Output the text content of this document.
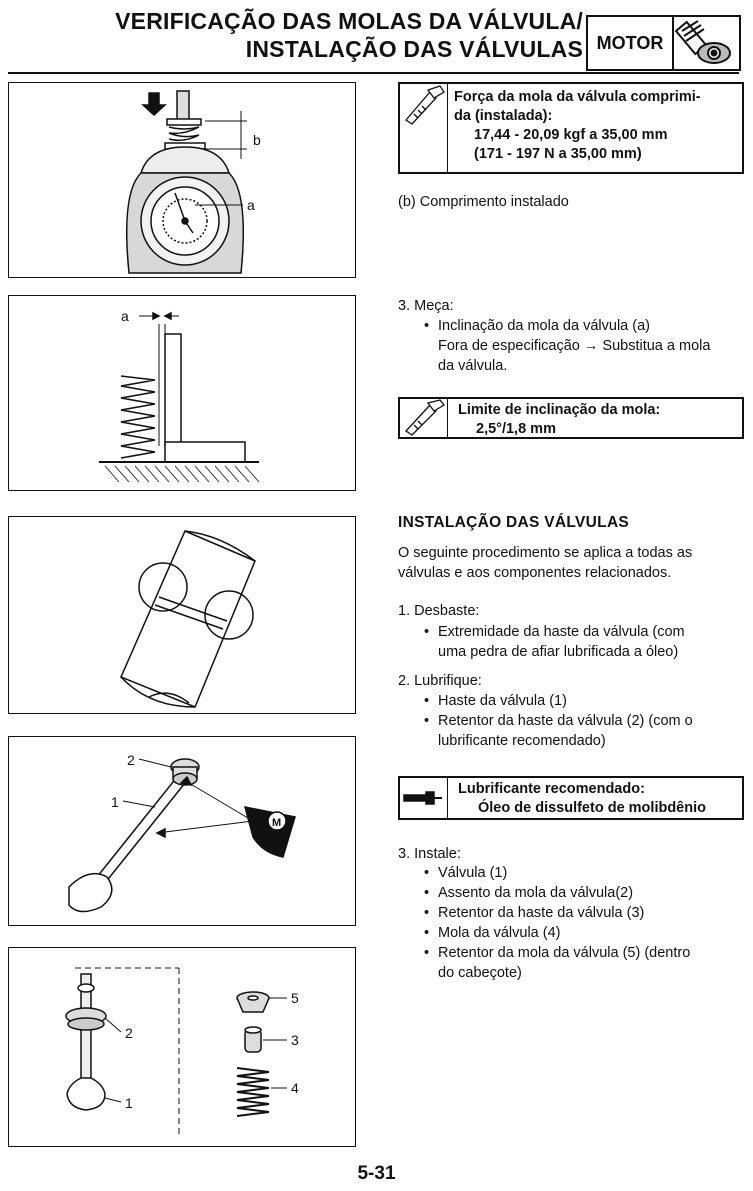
VERIFICAÇÃO DAS MOLAS DA VÁLVULA/
INSTALAÇÃO DAS VÁLVULAS MOTOR
b
a
a
2
1
M
5
3
2
4
1
Força da mola da válvula comprimi-
da (instalada):
17,44 - 20,09 kgf a 35,00 mm
(171 - 197 N a 35,00 mm)
(b) Comprimento instalado
3. Meça:
• Inclinação da mola da válvula (a)
Fora de especificação → Substitua a mola
da válvula.
Limite de inclinação da mola:
2,5°/1,8 mm
INSTALAÇÃO DAS VÁLVULAS
O seguinte procedimento se aplica a todas as
válvulas e aos componentes relacionados.
1. Desbaste:
• Extremidade da haste da válvula (com
uma pedra de afiar lubrificada a óleo)
2. Lubrifique:
• Haste da válvula (1)
• Retentor da haste da válvula (2) (com o
lubrificante recomendado)
Lubrificante recomendado:
Óleo de dissulfeto de molibdênio
3. Instale:
• Válvula (1)
• Assento da mola da válvula(2)
• Retentor da haste da válvula (3)
• Mola da válvula (4)
• Retentor da mola da válvula (5) (dentro
do cabeçote)
5-31
